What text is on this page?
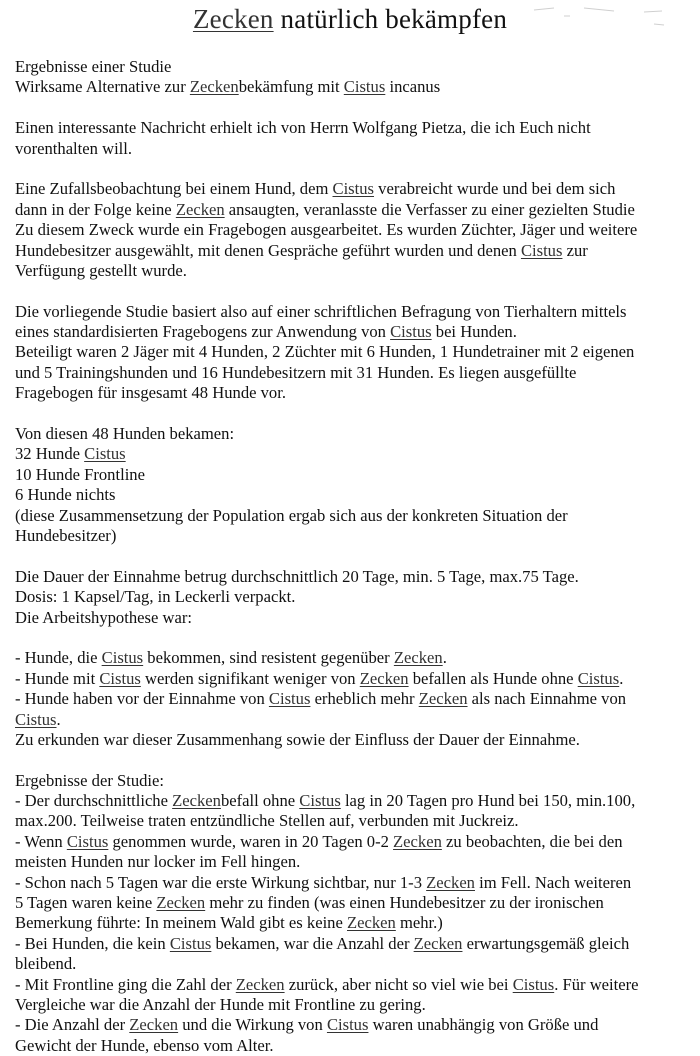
Zecken natürlich bekämpfen
Ergebnisse einer Studie
Wirksame Alternative zur Zeckenbekämfung mit Cistus incanus
Einen interessante Nachricht erhielt ich von Herrn Wolfgang Pietza, die ich Euch nicht
vorenthalten will.
Eine Zufallsbeobachtung bei einem Hund, dem Cistus verabreicht wurde und bei dem sich
dann in der Folge keine Zecken ansaugten, veranlasste die Verfasser zu einer gezielten Studie
Zu diesem Zweck wurde ein Fragebogen ausgearbeitet. Es wurden Züchter, Jäger und weitere
Hundebesitzer ausgewählt, mit denen Gespräche geführt wurden und denen Cistus zur
Verfügung gestellt wurde.
Die vorliegende Studie basiert also auf einer schriftlichen Befragung von Tierhaltern mittels
eines standardisierten Fragebogens zur Anwendung von Cistus bei Hunden.
Beteiligt waren 2 Jäger mit 4 Hunden, 2 Züchter mit 6 Hunden, 1 Hundetrainer mit 2 eigenen
und 5 Trainingshunden und 16 Hundebesitzern mit 31 Hunden. Es liegen ausgefüllte
Fragebogen für insgesamt 48 Hunde vor.
Von diesen 48 Hunden bekamen:
32 Hunde Cistus
10 Hunde Frontline
6 Hunde nichts
(diese Zusammensetzung der Population ergab sich aus der konkreten Situation der
Hundebesitzer)
Die Dauer der Einnahme betrug durchschnittlich 20 Tage, min. 5 Tage, max.75 Tage.
Dosis: 1 Kapsel/Tag, in Leckerli verpackt.
Die Arbeitshypothese war:
- Hunde, die Cistus bekommen, sind resistent gegenüber Zecken.
- Hunde mit Cistus werden signifikant weniger von Zecken befallen als Hunde ohne Cistus.
- Hunde haben vor der Einnahme von Cistus erheblich mehr Zecken als nach Einnahme von
Cistus.
Zu erkunden war dieser Zusammenhang sowie der Einfluss der Dauer der Einnahme.
Ergebnisse der Studie:
- Der durchschnittliche Zeckenbefall ohne Cistus lag in 20 Tagen pro Hund bei 150, min.100,
max.200. Teilweise traten entzündliche Stellen auf, verbunden mit Juckreiz.
- Wenn Cistus genommen wurde, waren in 20 Tagen 0-2 Zecken zu beobachten, die bei den
meisten Hunden nur locker im Fell hingen.
- Schon nach 5 Tagen war die erste Wirkung sichtbar, nur 1-3 Zecken im Fell. Nach weiteren
5 Tagen waren keine Zecken mehr zu finden (was einen Hundebesitzer zu der ironischen
Bemerkung führte: In meinem Wald gibt es keine Zecken mehr.)
- Bei Hunden, die kein Cistus bekamen, war die Anzahl der Zecken erwartungsgemäß gleich
bleibend.
- Mit Frontline ging die Zahl der Zecken zurück, aber nicht so viel wie bei Cistus. Für weitere
Vergleiche war die Anzahl der Hunde mit Frontline zu gering.
- Die Anzahl der Zecken und die Wirkung von Cistus waren unabhängig von Größe und
Gewicht der Hunde, ebenso vom Alter.
